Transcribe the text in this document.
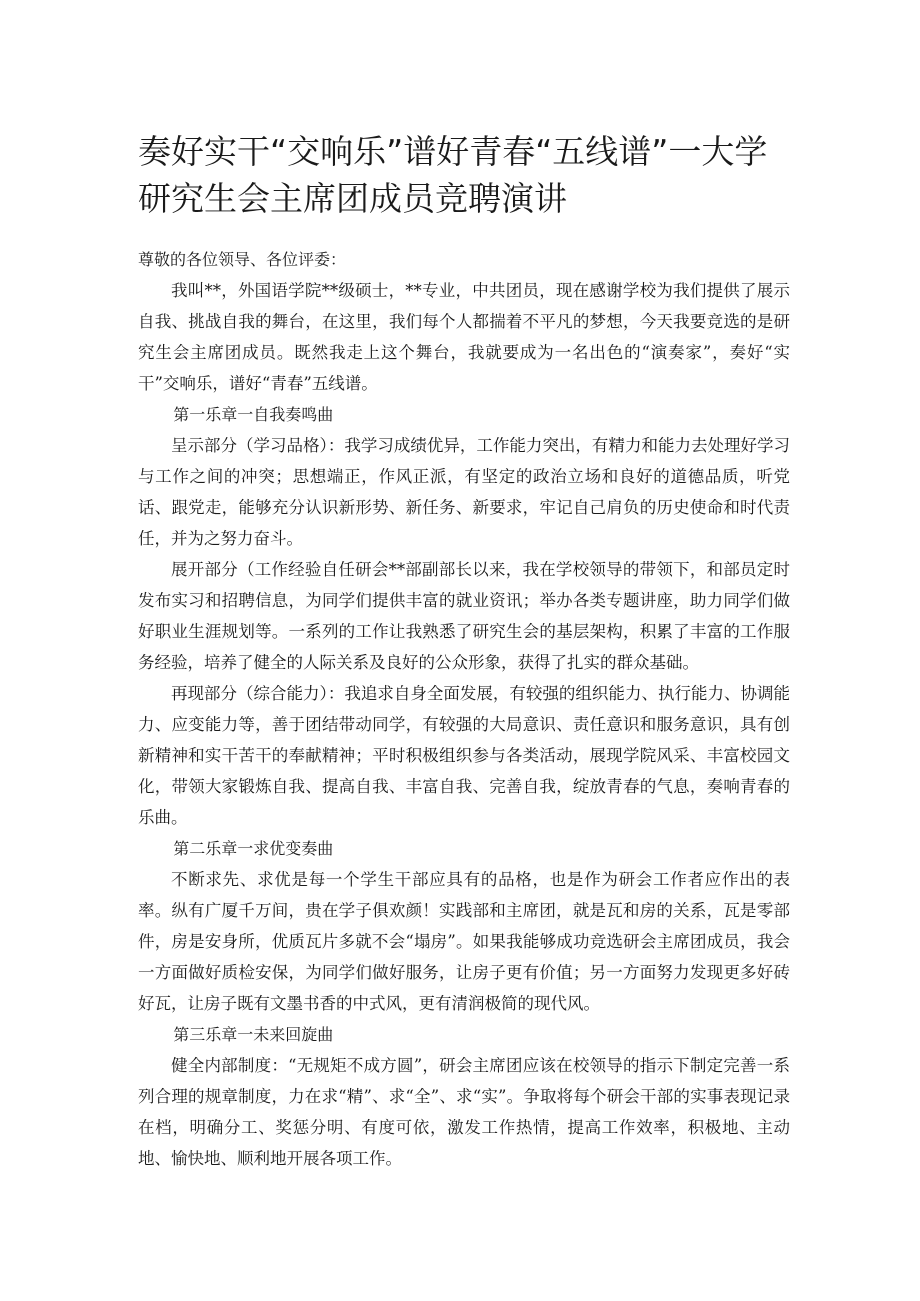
奏好实干“交响乐”谱好青春“五线谱”一大学研究生会主席团成员竞聘演讲

尊敬的各位领导、各位评委：

我叫**，外国语学院**级硕士，**专业，中共团员，现在感谢学校为我们提供了展示自我、挑战自我的舞台，在这里，我们每个人都揣着不平凡的梦想，今天我要竞选的是研究生会主席团成员。既然我走上这个舞台，我就要成为一名出色的“演奏家”，奏好“实干”交响乐，谱好“青春”五线谱。

第一乐章一自我奏鸣曲

呈示部分（学习品格）：我学习成绩优异，工作能力突出，有精力和能力去处理好学习与工作之间的冲突；思想端正，作风正派，有坚定的政治立场和良好的道德品质，听党话、跟党走，能够充分认识新形势、新任务、新要求，牢记自己肩负的历史使命和时代责任，并为之努力奋斗。

展开部分（工作经验自任研会**部副部长以来，我在学校领导的带领下，和部员定时发布实习和招聘信息，为同学们提供丰富的就业资讯；举办各类专题讲座，助力同学们做好职业生涯规划等。一系列的工作让我熟悉了研究生会的基层架构，积累了丰富的工作服务经验，培养了健全的人际关系及良好的公众形象，获得了扎实的群众基础。

再现部分（综合能力）：我追求自身全面发展，有较强的组织能力、执行能力、协调能力、应变能力等，善于团结带动同学，有较强的大局意识、责任意识和服务意识，具有创新精神和实干苦干的奉献精神；平时积极组织参与各类活动，展现学院风采、丰富校园文化，带领大家锻炼自我、提高自我、丰富自我、完善自我，绽放青春的气息，奏响青春的乐曲。

第二乐章一求优变奏曲

不断求先、求优是每一个学生干部应具有的品格，也是作为研会工作者应作出的表率。纵有广厦千万间，贵在学子俱欢颜！实践部和主席团，就是瓦和房的关系，瓦是零部件，房是安身所，优质瓦片多就不会“塌房”。如果我能够成功竞选研会主席团成员，我会一方面做好质检安保，为同学们做好服务，让房子更有价值；另一方面努力发现更多好砖好瓦，让房子既有文墨书香的中式风，更有清润极简的现代风。

第三乐章一未来回旋曲

健全内部制度：“无规矩不成方圆”，研会主席团应该在校领导的指示下制定完善一系列合理的规章制度，力在求“精”、求“全”、求“实”。争取将每个研会干部的实事表现记录在档，明确分工、奖惩分明、有度可依，激发工作热情，提高工作效率，积极地、主动地、愉快地、顺利地开展各项工作。
